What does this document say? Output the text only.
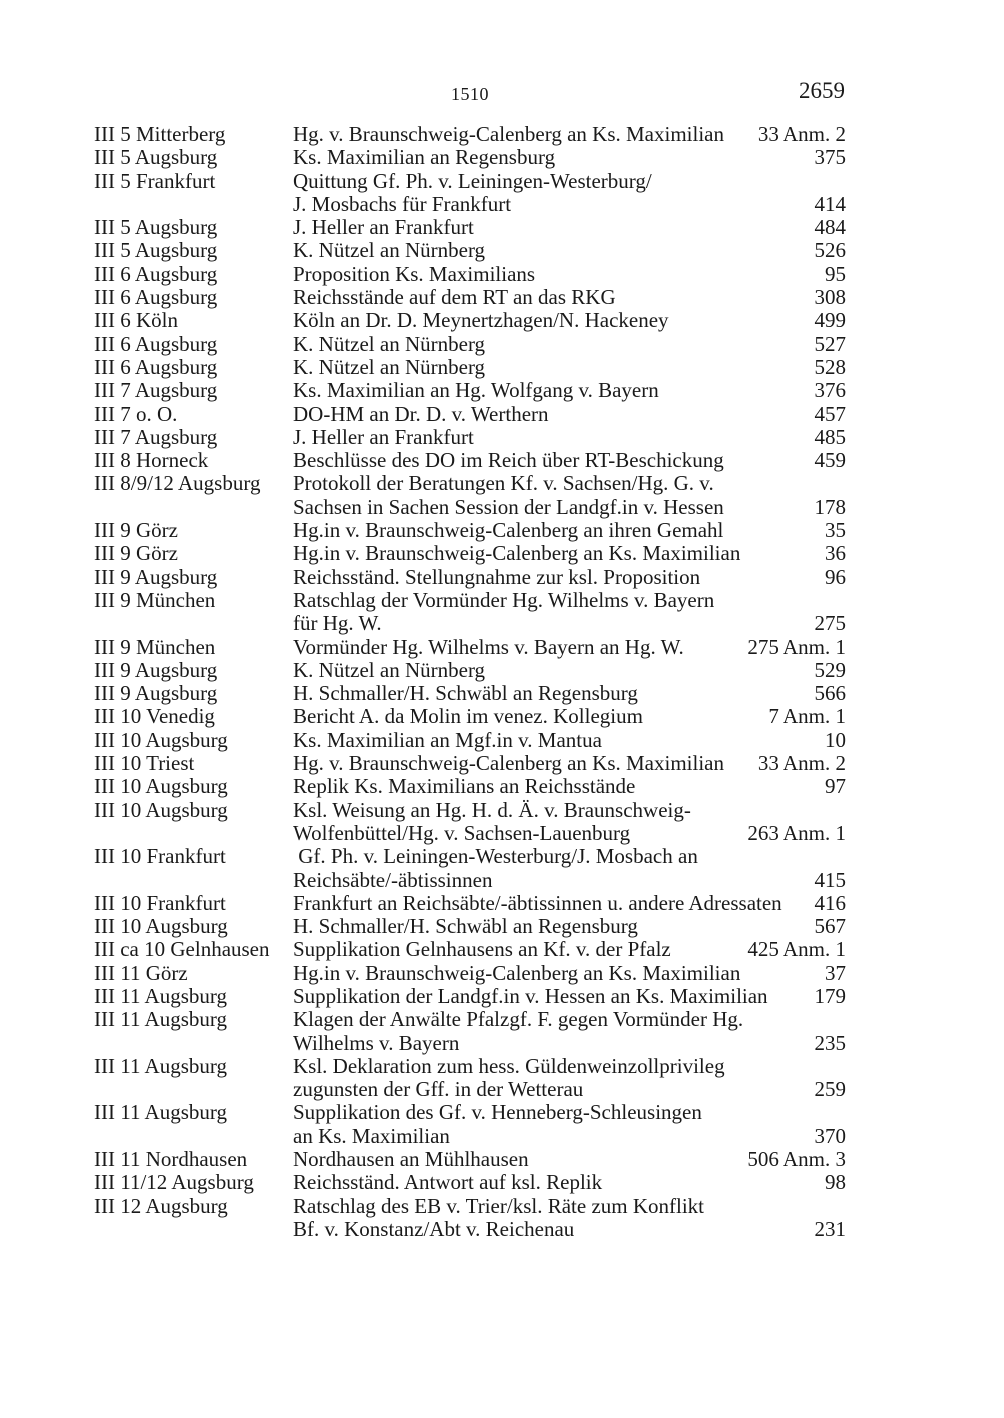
1510	2659
III 5 Mitterberg	Hg. v. Braunschweig-Calenberg an Ks. Maximilian 33 Anm. 2
III 5 Augsburg	Ks. Maximilian an Regensburg	375
III 5 Frankfurt	Quittung Gf. Ph. v. Leiningen-Westerburg/
J. Mosbachs für Frankfurt	414
III 5 Augsburg	J. Heller an Frankfurt	484
III 5 Augsburg	K. Nützel an Nürnberg	526
III 6 Augsburg	Proposition Ks. Maximilians	95
III 6 Augsburg	Reichsstände auf dem RT an das RKG	308
III 6 Köln	Köln an Dr. D. Meynertzhagen/N. Hackeney	499
III 6 Augsburg	K. Nützel an Nürnberg	527
III 6 Augsburg	K. Nützel an Nürnberg	528
III 7 Augsburg	Ks. Maximilian an Hg. Wolfgang v. Bayern	376
III 7 o. O.	DO-HM an Dr. D. v. Werthern	457
III 7 Augsburg	J. Heller an Frankfurt	485
III 8 Horneck	Beschlüsse des DO im Reich über RT-Beschickung	459
III 8/9/12 Augsburg	Protokoll der Beratungen Kf. v. Sachsen/Hg. G. v.
Sachsen in Sachen Session der Landgf.in v. Hessen	178
III 9 Görz	Hg.in v. Braunschweig-Calenberg an ihren Gemahl	35
III 9 Görz	Hg.in v. Braunschweig-Calenberg an Ks. Maximilian	36
III 9 Augsburg	Reichsständ. Stellungnahme zur ksl. Proposition	96
III 9 München	Ratschlag der Vormünder Hg. Wilhelms v. Bayern
für Hg. W.	275
III 9 München	Vormünder Hg. Wilhelms v. Bayern an Hg. W.	275 Anm. 1
III 9 Augsburg	K. Nützel an Nürnberg	529
III 9 Augsburg	H. Schmaller/H. Schwäbl an Regensburg	566
III 10 Venedig	Bericht A. da Molin im venez. Kollegium	7 Anm. 1
III 10 Augsburg	Ks. Maximilian an Mgf.in v. Mantua	10
III 10 Triest	Hg. v. Braunschweig-Calenberg an Ks. Maximilian 33 Anm. 2
III 10 Augsburg	Replik Ks. Maximilians an Reichsstände	97
III 10 Augsburg	Ksl. Weisung an Hg. H. d. Ä. v. Braunschweig-
Wolfenbüttel/Hg. v. Sachsen-Lauenburg	263 Anm. 1
III 10 Frankfurt	Gf. Ph. v. Leiningen-Westerburg/J. Mosbach an
Reichsäbte/-äbtissinnen	415
III 10 Frankfurt	Frankfurt an Reichsäbte/-äbtissinnen u. andere Adressaten 416
III 10 Augsburg	H. Schmaller/H. Schwäbl an Regensburg	567
III ca 10 Gelnhausen	Supplikation Gelnhausens an Kf. v. der Pfalz	425 Anm. 1
III 11 Görz	Hg.in v. Braunschweig-Calenberg an Ks. Maximilian	37
III 11 Augsburg	Supplikation der Landgf.in v. Hessen an Ks. Maximilian 179
III 11 Augsburg	Klagen der Anwälte Pfalzgf. F. gegen Vormünder Hg.
Wilhelms v. Bayern	235
III 11 Augsburg	Ksl. Deklaration zum hess. Güldenweinzollprivileg
zugunsten der Gff. in der Wetterau	259
III 11 Augsburg	Supplikation des Gf. v. Henneberg-Schleusingen
an Ks. Maximilian	370
III 11 Nordhausen	Nordhausen an Mühlhausen	506 Anm. 3
III 11/12 Augsburg	Reichsständ. Antwort auf ksl. Replik	98
III 12 Augsburg	Ratschlag des EB v. Trier/ksl. Räte zum Konflikt
Bf. v. Konstanz/Abt v. Reichenau	231
